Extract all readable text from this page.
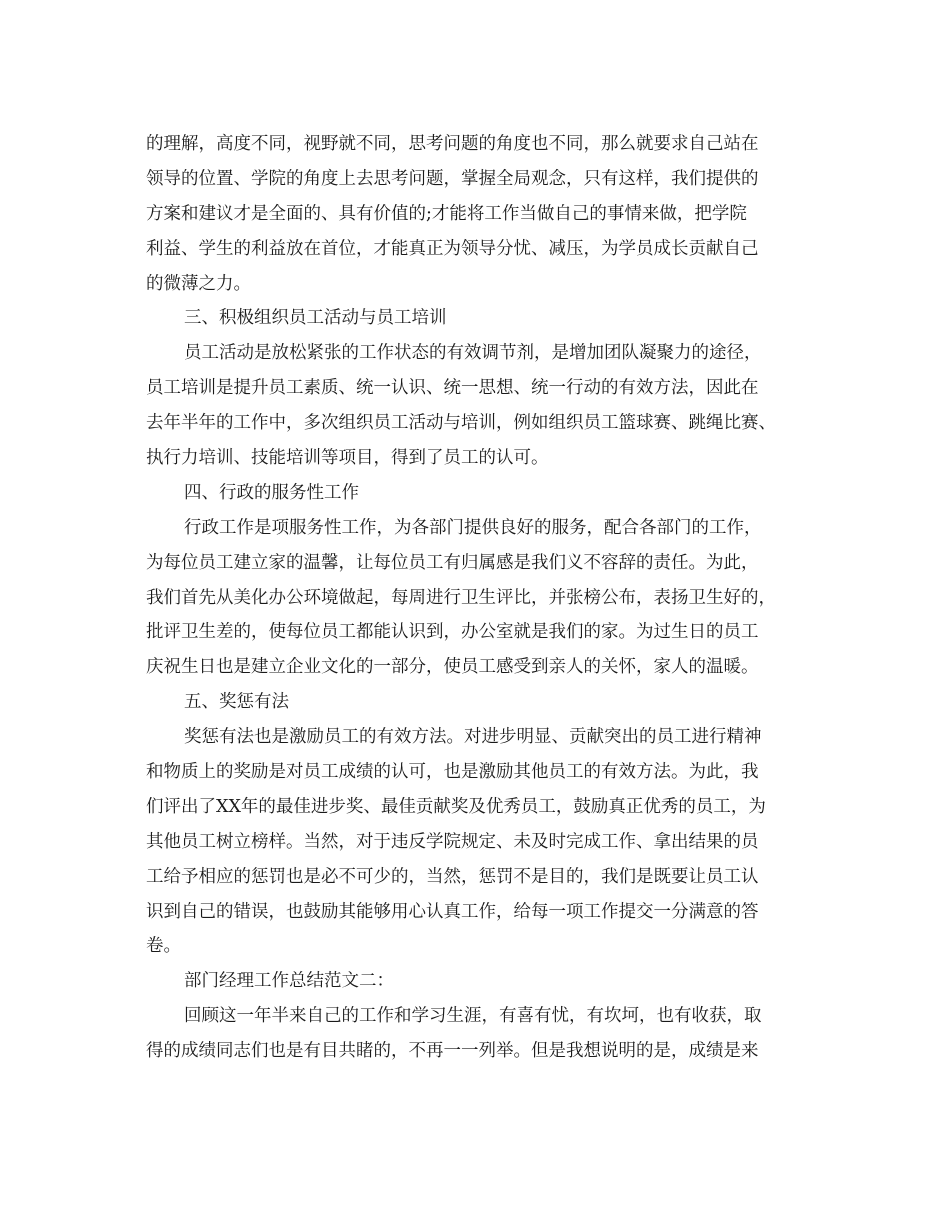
的理解，高度不同，视野就不同，思考问题的角度也不同，那么就要求自己站在
领导的位置、学院的角度上去思考问题，掌握全局观念，只有这样，我们提供的
方案和建议才是全面的、具有价值的;才能将工作当做自己的事情来做，把学院
利益、学生的利益放在首位，才能真正为领导分忧、减压，为学员成长贡献自己
的微薄之力。
三、积极组织员工活动与员工培训
员工活动是放松紧张的工作状态的有效调节剂，是增加团队凝聚力的途径，
员工培训是提升员工素质、统一认识、统一思想、统一行动的有效方法，因此在
去年半年的工作中，多次组织员工活动与培训，例如组织员工篮球赛、跳绳比赛、
执行力培训、技能培训等项目，得到了员工的认可。
四、行政的服务性工作
行政工作是项服务性工作，为各部门提供良好的服务，配合各部门的工作，
为每位员工建立家的温馨，让每位员工有归属感是我们义不容辞的责任。为此，
我们首先从美化办公环境做起，每周进行卫生评比，并张榜公布，表扬卫生好的，
批评卫生差的，使每位员工都能认识到，办公室就是我们的家。为过生日的员工
庆祝生日也是建立企业文化的一部分，使员工感受到亲人的关怀，家人的温暖。
五、奖惩有法
奖惩有法也是激励员工的有效方法。对进步明显、贡献突出的员工进行精神
和物质上的奖励是对员工成绩的认可，也是激励其他员工的有效方法。为此，我
们评出了XX年的最佳进步奖、最佳贡献奖及优秀员工，鼓励真正优秀的员工，为
其他员工树立榜样。当然，对于违反学院规定、未及时完成工作、拿出结果的员
工给予相应的惩罚也是必不可少的，当然，惩罚不是目的，我们是既要让员工认
识到自己的错误，也鼓励其能够用心认真工作，给每一项工作提交一分满意的答
卷。
部门经理工作总结范文二：
回顾这一年半来自己的工作和学习生涯，有喜有忧，有坎坷，也有收获，取
得的成绩同志们也是有目共睹的，不再一一列举。但是我想说明的是，成绩是来
